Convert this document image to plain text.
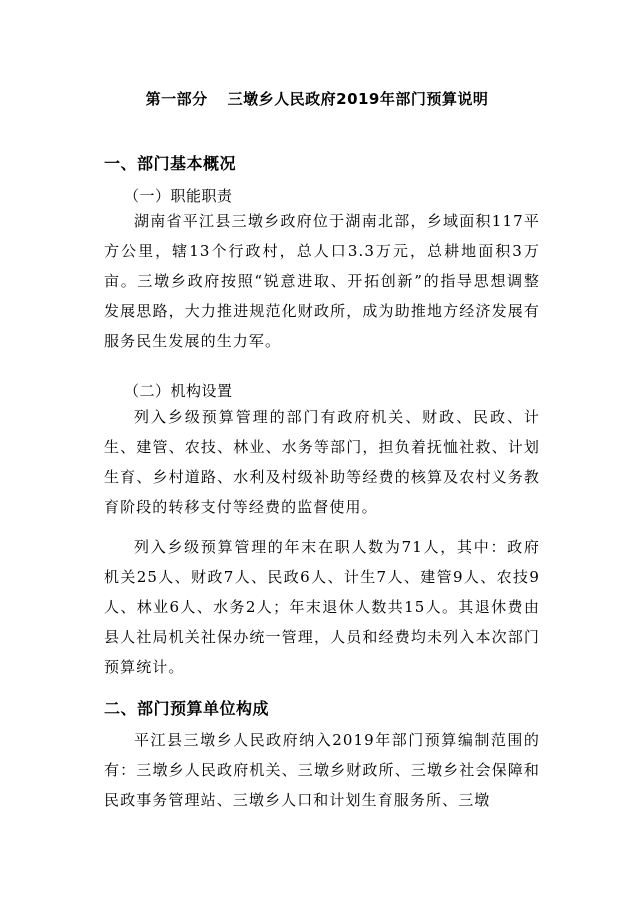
第一部分 三墩乡人民政府2019年部门预算说明
一、部门基本概况
（一）职能职责

湖南省平江县三墩乡政府位于湖南北部，乡域面积117平方公里，辖13个行政村，总人口3.3万元，总耕地面积3万亩。三墩乡政府按照“锐意进取、开拓创新”的指导思想调整发展思路，大力推进规范化财政所，成为助推地方经济发展有服务民生发展的生力军。

（二）机构设置

列入乡级预算管理的部门有政府机关、财政、民政、计生、建管、农技、林业、水务等部门，担负着抚恤社救、计划生育、乡村道路、水利及村级补助等经费的核算及农村义务教育阶段的转移支付等经费的监督使用。

列入乡级预算管理的年末在职人数为71人，其中：政府机关25人、财政7人、民政6人、计生7人、建管9人、农技9人、林业6人、水务2人；年末退休人数共15人。其退休费由县人社局机关社保办统一管理，人员和经费均未列入本次部门预算统计。

二、部门预算单位构成

平江县三墩乡人民政府纳入2019年部门预算编制范围的有：三墩乡人民政府机关、三墩乡财政所、三墩乡社会保障和民政事务管理站、三墩乡人口和计划生育服务所、三墩
